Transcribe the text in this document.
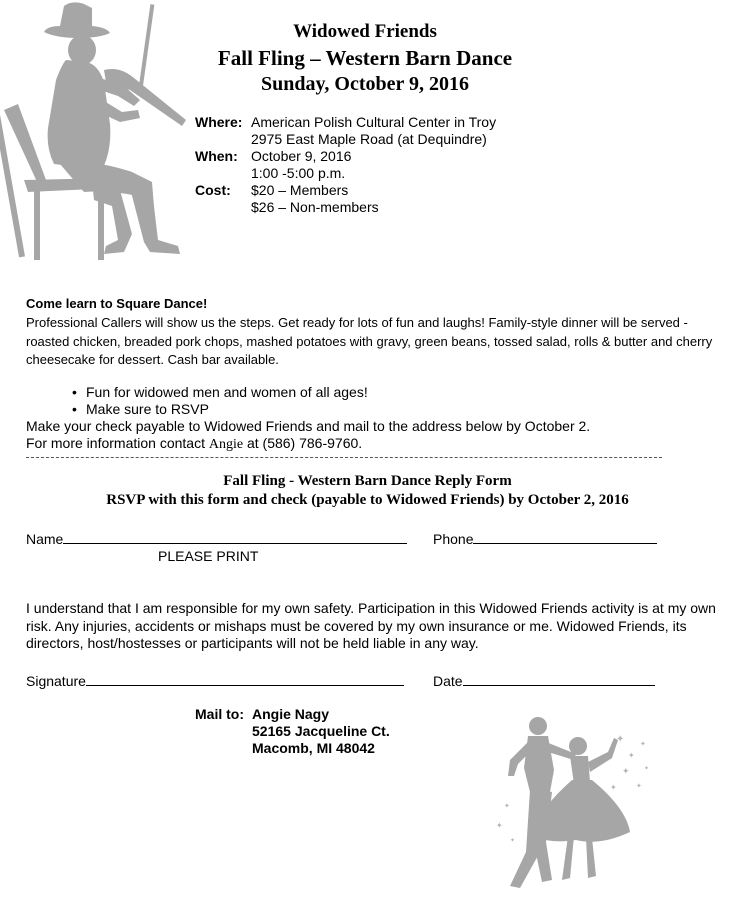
Widowed Friends
Fall Fling – Western Barn Dance
Sunday, October 9, 2016
Where: American Polish Cultural Center in Troy
2975 East Maple Road (at Dequindre)
When: October 9, 2016
1:00 -5:00 p.m.
Cost: $20 – Members
$26 – Non-members
Come learn to Square Dance!
Professional Callers will show us the steps. Get ready for lots of fun and laughs! Family-style dinner will be served - roasted chicken, breaded pork chops, mashed potatoes with gravy, green beans, tossed salad, rolls & butter and cherry cheesecake for dessert. Cash bar available.
• Fun for widowed men and women of all ages!
• Make sure to RSVP
Make your check payable to Widowed Friends and mail to the address below by October 2.
For more information contact Angie at (586) 786-9760.
Fall Fling - Western Barn Dance Reply Form
RSVP with this form and check (payable to Widowed Friends) by October 2, 2016
Name	Phone
PLEASE PRINT
I understand that I am responsible for my own safety. Participation in this Widowed Friends activity is at my own risk. Any injuries, accidents or mishaps must be covered by my own insurance or me. Widowed Friends, its directors, host/hostesses or participants will not be held liable in any way.
Signature	Date
Mail to: Angie Nagy
52165 Jacqueline Ct.
Macomb, MI 48042
✦
✦
✦
✦
✦
✦
✦
✦
✦
✦
